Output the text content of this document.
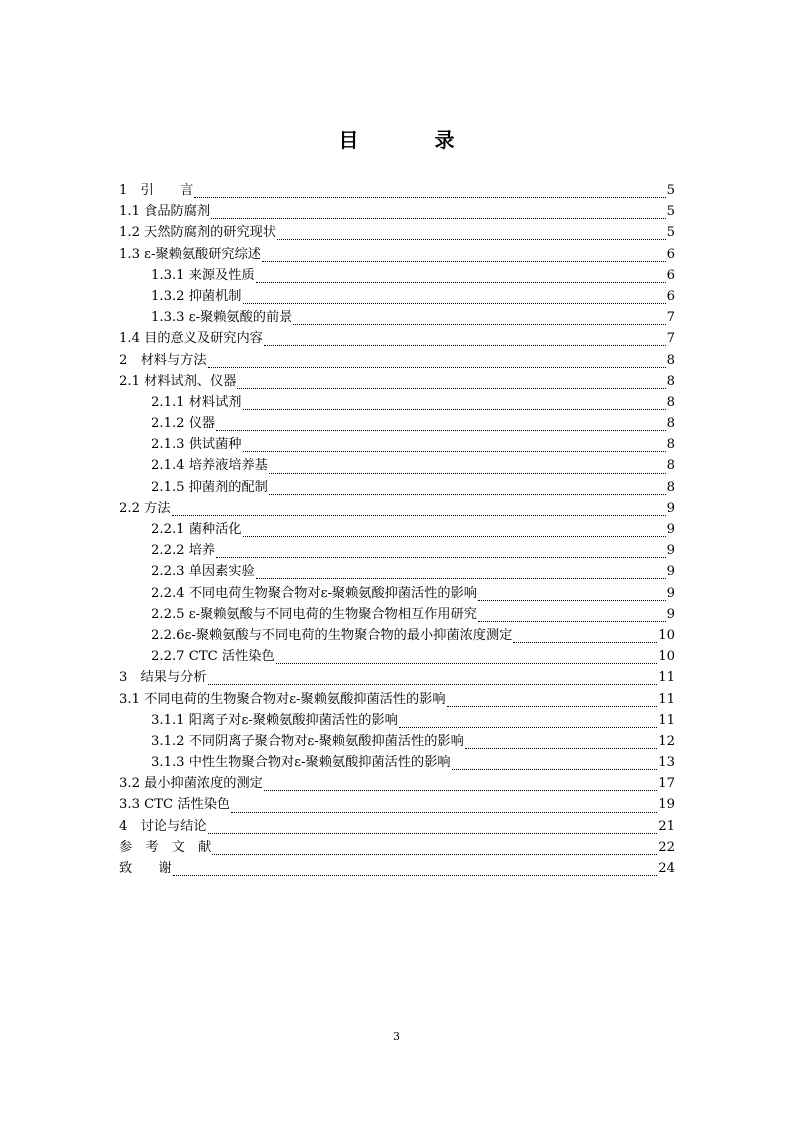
目　录
1　引　　言	5
1.1 食品防腐剂	5
1.2 天然防腐剂的研究现状	5
1.3 ε-聚赖氨酸研究综述	6
1.3.1 来源及性质	6
1.3.2 抑菌机制	6
1.3.3 ε-聚赖氨酸的前景	7
1.4 目的意义及研究内容	7
2　材料与方法	8
2.1 材料试剂、仪器	8
2.1.1 材料试剂	8
2.1.2 仪器	8
2.1.3 供试菌种	8
2.1.4 培养液培养基	8
2.1.5 抑菌剂的配制	8
2.2 方法	9
2.2.1 菌种活化	9
2.2.2 培养	9
2.2.3 单因素实验	9
2.2.4 不同电荷生物聚合物对ε-聚赖氨酸抑菌活性的影响	9
2.2.5 ε-聚赖氨酸与不同电荷的生物聚合物相互作用研究	9
2.2.6ε-聚赖氨酸与不同电荷的生物聚合物的最小抑菌浓度测定	10
2.2.7 CTC 活性染色	10
3　结果与分析	11
3.1 不同电荷的生物聚合物对ε-聚赖氨酸抑菌活性的影响	11
3.1.1 阳离子对ε-聚赖氨酸抑菌活性的影响	11
3.1.2 不同阴离子聚合物对ε-聚赖氨酸抑菌活性的影响	12
3.1.3 中性生物聚合物对ε-聚赖氨酸抑菌活性的影响	13
3.2 最小抑菌浓度的测定	17
3.3 CTC 活性染色	19
4　讨论与结论	21
参　考　文　献	22
致　　谢	24
3
